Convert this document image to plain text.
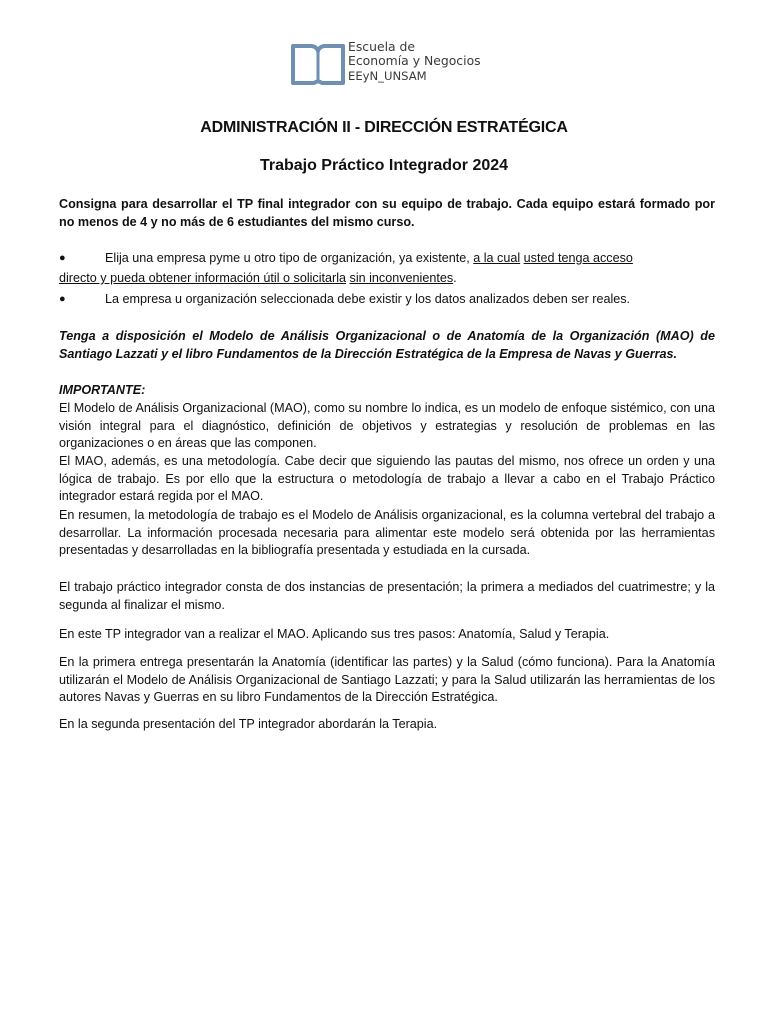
Escuela de
Economía y Negocios
EEyN_UNSAM
ADMINISTRACIÓN II - DIRECCIÓN ESTRATÉGICA
Trabajo Práctico Integrador 2024
Consigna para desarrollar el TP final integrador con su equipo de trabajo. Cada equipo estará formado por no menos de 4 y no más de 6 estudiantes del mismo curso.
●	Elija una empresa pyme u otro tipo de organización, ya existente, a la cual usted tenga acceso
directo y pueda obtener información útil o solicitarla sin inconvenientes.
●	La empresa u organización seleccionada debe existir y los datos analizados deben ser reales.
Tenga a disposición el Modelo de Análisis Organizacional o de Anatomía de la Organización (MAO) de Santiago Lazzati y el libro Fundamentos de la Dirección Estratégica de la Empresa de Navas y Guerras.
IMPORTANTE:
El Modelo de Análisis Organizacional (MAO), como su nombre lo indica, es un modelo de enfoque sistémico, con una visión integral para el diagnóstico, definición de objetivos y estrategias y resolución de problemas en las organizaciones o en áreas que las componen.
El MAO, además, es una metodología. Cabe decir que siguiendo las pautas del mismo, nos ofrece un orden y una lógica de trabajo. Es por ello que la estructura o metodología de trabajo a llevar a cabo en el Trabajo Práctico integrador estará regida por el MAO.
En resumen, la metodología de trabajo es el Modelo de Análisis organizacional, es la columna vertebral del trabajo a desarrollar. La información procesada necesaria para alimentar este modelo será obtenida por las herramientas presentadas y desarrolladas en la bibliografía presentada y estudiada en la cursada.
El trabajo práctico integrador consta de dos instancias de presentación; la primera a mediados del cuatrimestre; y la segunda al finalizar el mismo.
En este TP integrador van a realizar el MAO. Aplicando sus tres pasos: Anatomía, Salud y Terapia.
En la primera entrega presentarán la Anatomía (identificar las partes) y la Salud (cómo funciona). Para la Anatomía utilizarán el Modelo de Análisis Organizacional de Santiago Lazzati; y para la Salud utilizarán las herramientas de los autores Navas y Guerras en su libro Fundamentos de la Dirección Estratégica.
En la segunda presentación del TP integrador abordarán la Terapia.
